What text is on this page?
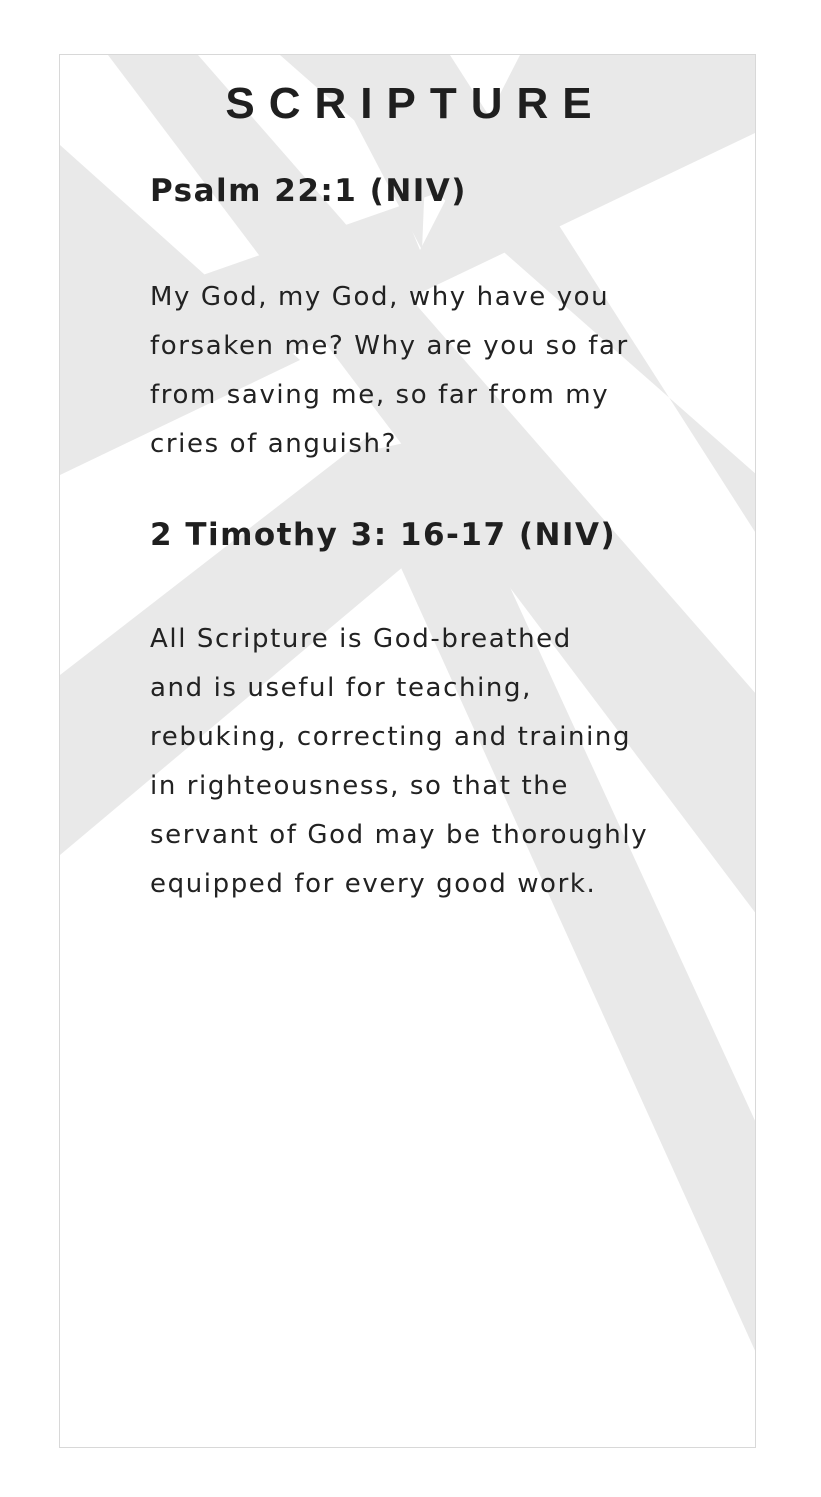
SCRIPTURE
Psalm 22:1 (NIV)
My God, my God, why have you
forsaken me? Why are you so far
from saving me, so far from my
cries of anguish?
2 Timothy 3: 16-17 (NIV)
All Scripture is God-breathed
and is useful for teaching,
rebuking, correcting and training
in righteousness, so that the
servant of God may be thoroughly
equipped for every good work.
